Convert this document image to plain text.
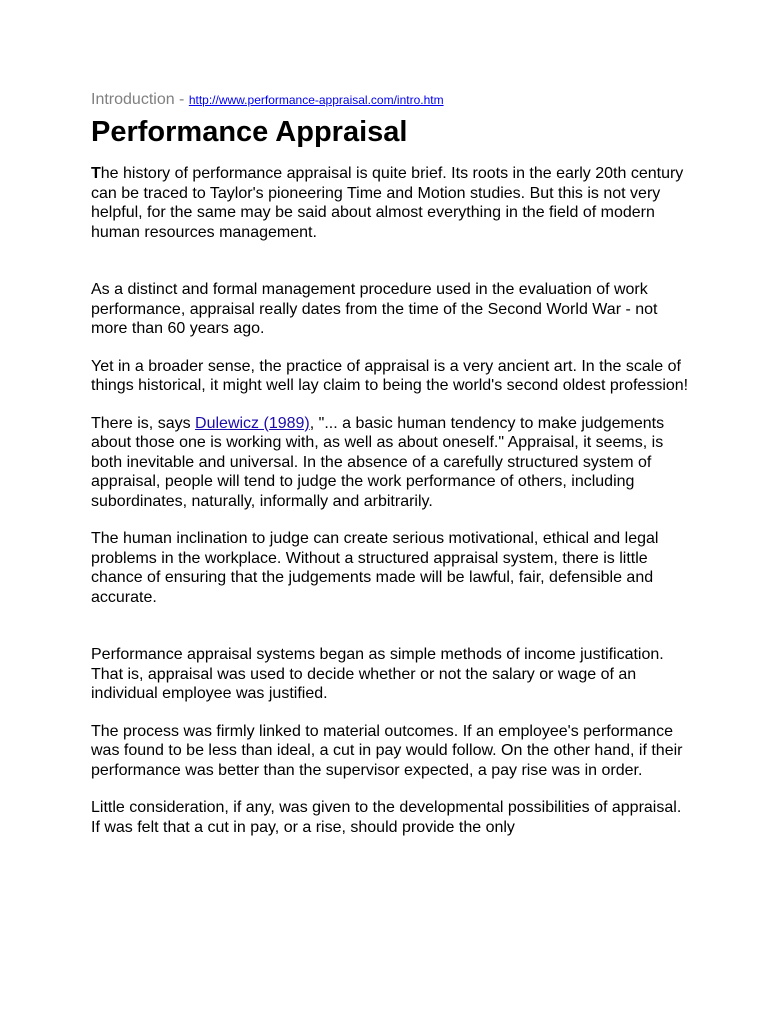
Introduction - http://www.performance-appraisal.com/intro.htm
Performance Appraisal

The history of performance appraisal is quite brief. Its roots in the early 20th century can be traced to Taylor's pioneering Time and Motion studies. But this is not very helpful, for the same may be said about almost everything in the field of modern human resources management.

As a distinct and formal management procedure used in the evaluation of work performance, appraisal really dates from the time of the Second World War - not more than 60 years ago.

Yet in a broader sense, the practice of appraisal is a very ancient art. In the scale of things historical, it might well lay claim to being the world's second oldest profession!

There is, says Dulewicz (1989), "... a basic human tendency to make judgements about those one is working with, as well as about oneself." Appraisal, it seems, is both inevitable and universal. In the absence of a carefully structured system of appraisal, people will tend to judge the work performance of others, including subordinates, naturally, informally and arbitrarily.

The human inclination to judge can create serious motivational, ethical and legal problems in the workplace. Without a structured appraisal system, there is little chance of ensuring that the judgements made will be lawful, fair, defensible and accurate.

Performance appraisal systems began as simple methods of income justification. That is, appraisal was used to decide whether or not the salary or wage of an individual employee was justified.

The process was firmly linked to material outcomes. If an employee's performance was found to be less than ideal, a cut in pay would follow. On the other hand, if their performance was better than the supervisor expected, a pay rise was in order.

Little consideration, if any, was given to the developmental possibilities of appraisal. If was felt that a cut in pay, or a rise, should provide the only
